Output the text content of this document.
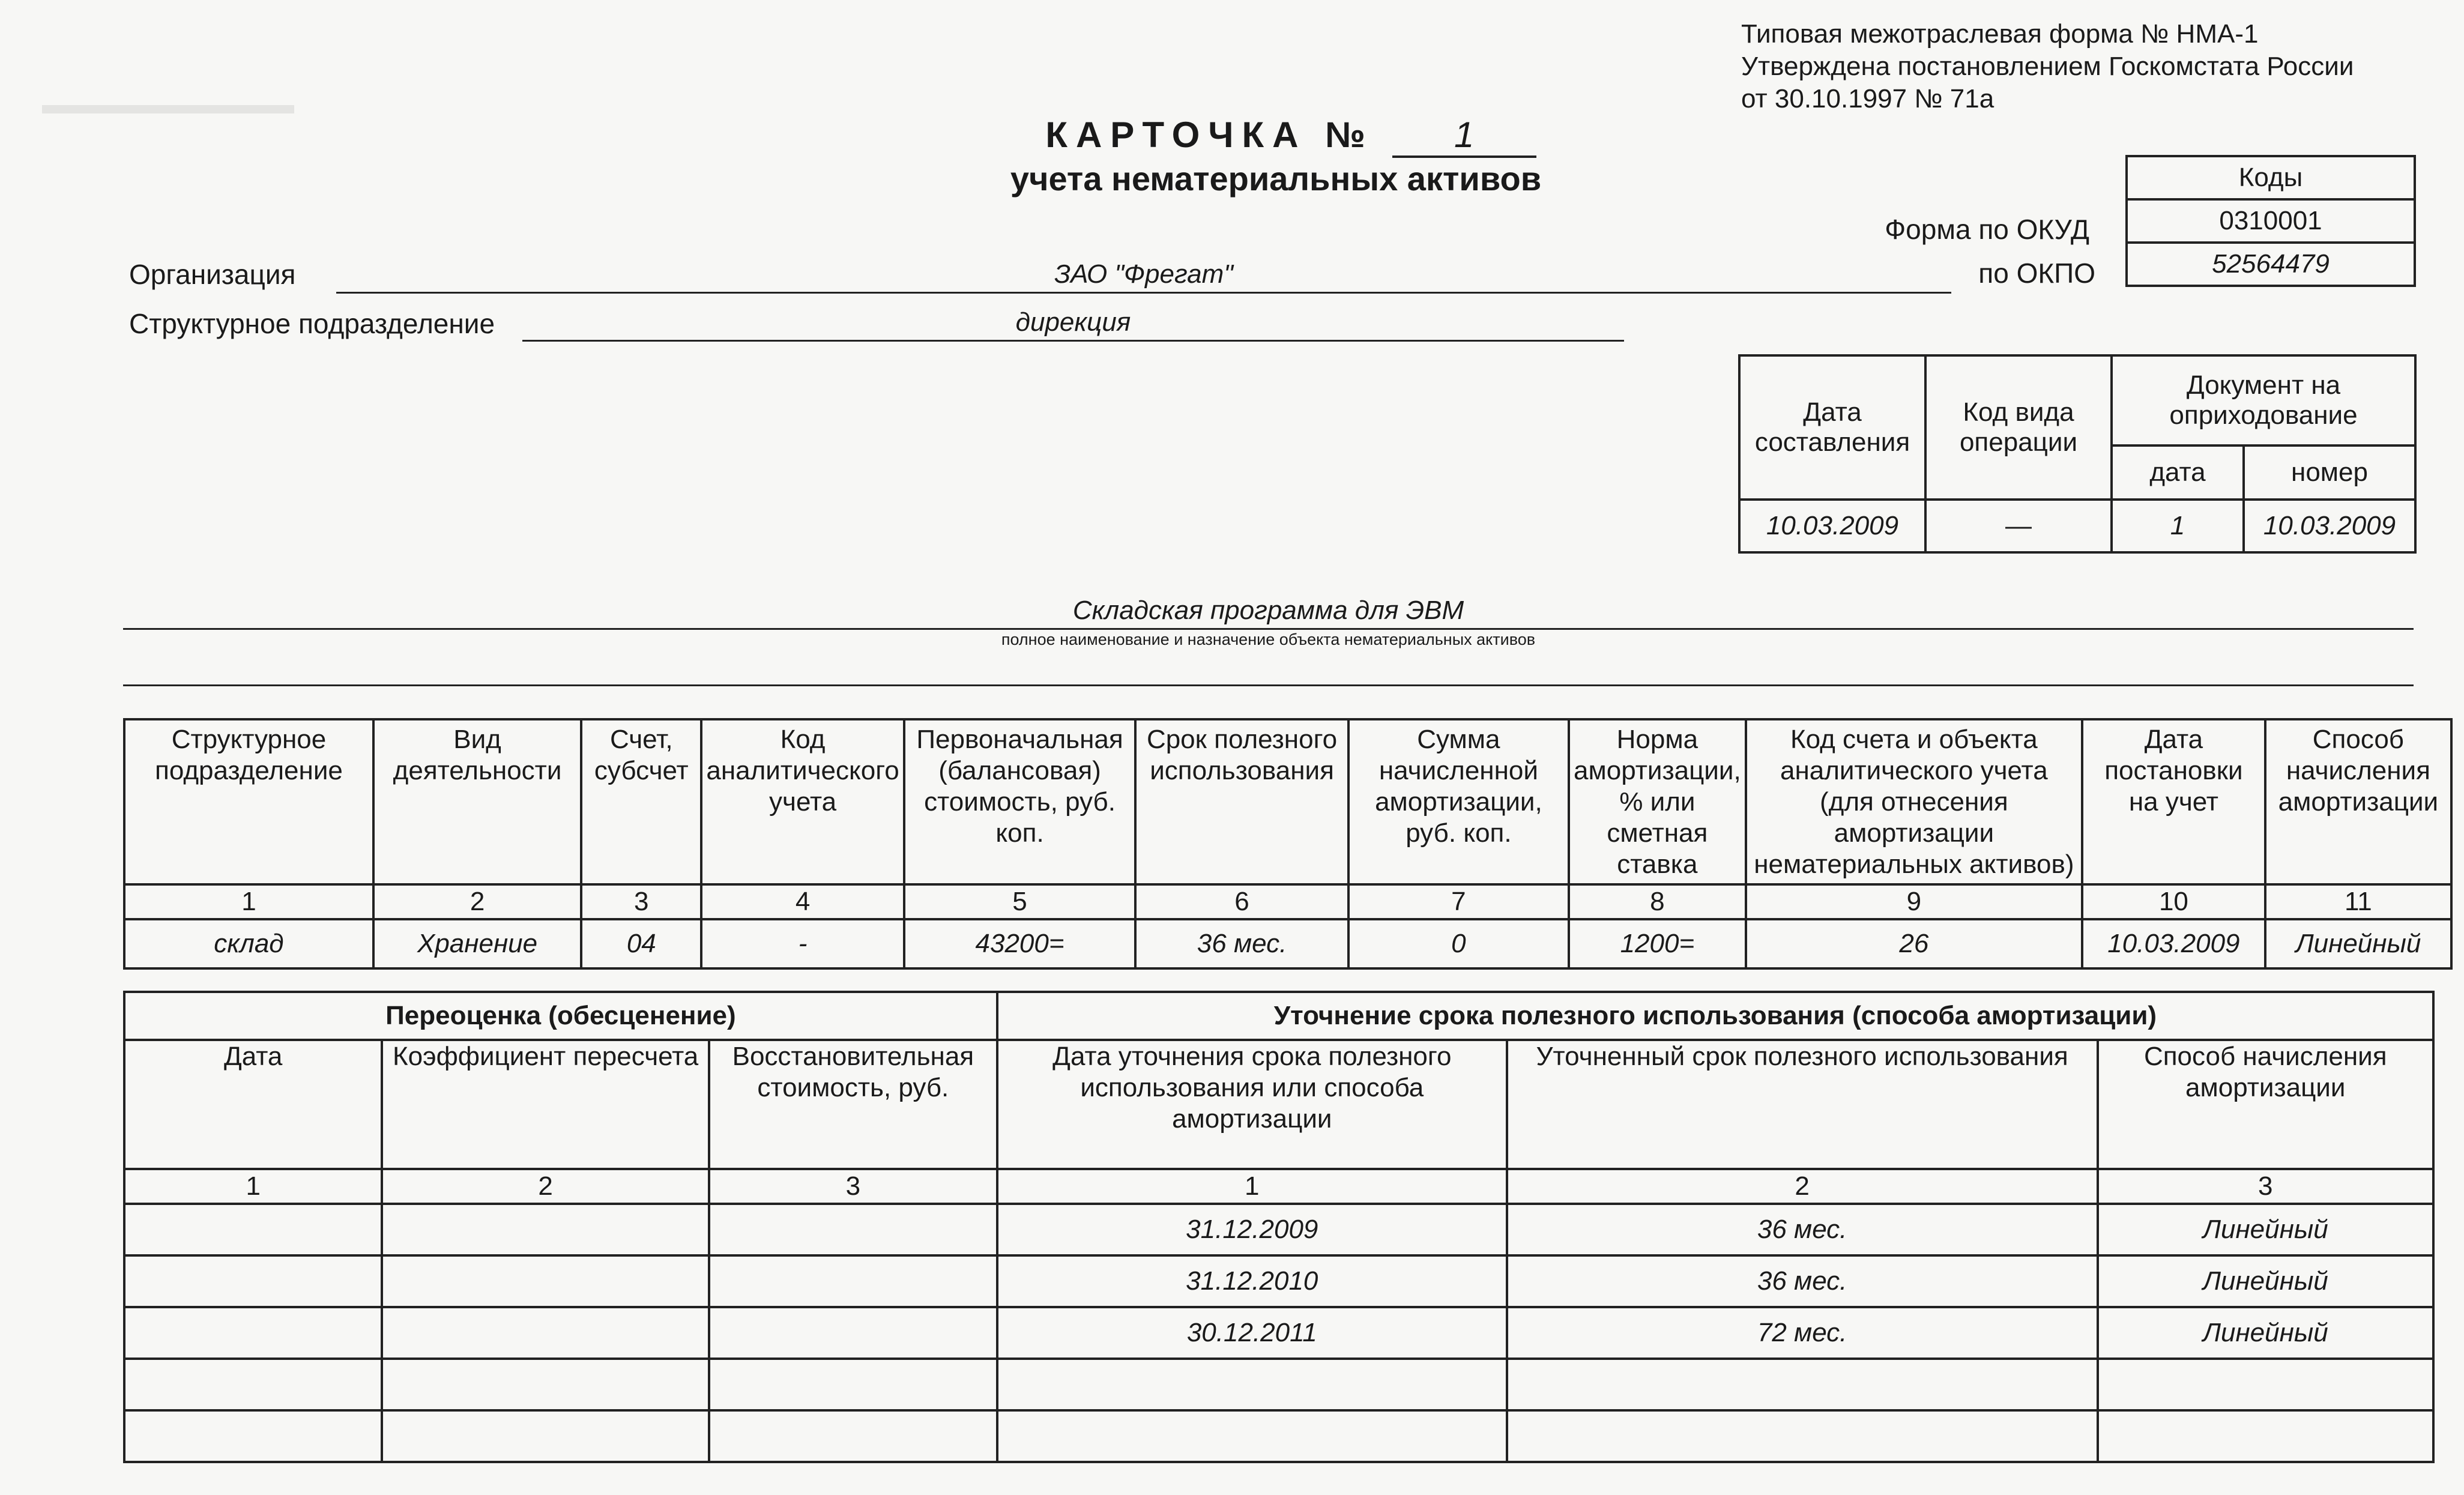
Типовая межотраслевая форма № НМА-1
Утверждена постановлением Госкомстата России
от 30.10.1997 № 71а
КАРТОЧКА № 1
учета нематериальных активов
Форма по ОКУД
по ОКПО
Коды
0310001
52564479
Организация	ЗАО "Фрегат"
Структурное подразделение	дирекция
Дата составления	Код вида операции	Документ на оприходование	
		дата	номер
10.03.2009	—	1	10.03.2009
Складская программа для ЭВМ
полное наименование и назначение объекта нематериальных активов
Структурное подразделение	Вид деятельности	Счет, субсчет	Код аналитического учета	Первоначальная (балансовая) стоимость, руб. коп.	Срок полезного использования	Сумма начисленной амортизации, руб. коп.	Норма амортизации, % или сметная ставка	Код счета и объекта аналитического учета (для отнесения амортизации нематериальных активов)	Дата постановки на учет	Способ начисления амортизации
1	2	3	4	5	6	7	8	9	10	11
склад	Хранение	04	-	43200=	36 мес.	0	1200=	26	10.03.2009	Линейный
Переоценка (обесценение)			Уточнение срока полезного использования (способа амортизации)		
Дата	Коэффициент пересчета	Восстановительная стоимость, руб.	Дата уточнения срока полезного использования или способа амортизации	Уточненный срок полезного использования	Способ начисления амортизации
1	2	3	1	2	3
			31.12.2009	36 мес.	Линейный
			31.12.2010	36 мес.	Линейный
			30.12.2011	72 мес.	Линейный
